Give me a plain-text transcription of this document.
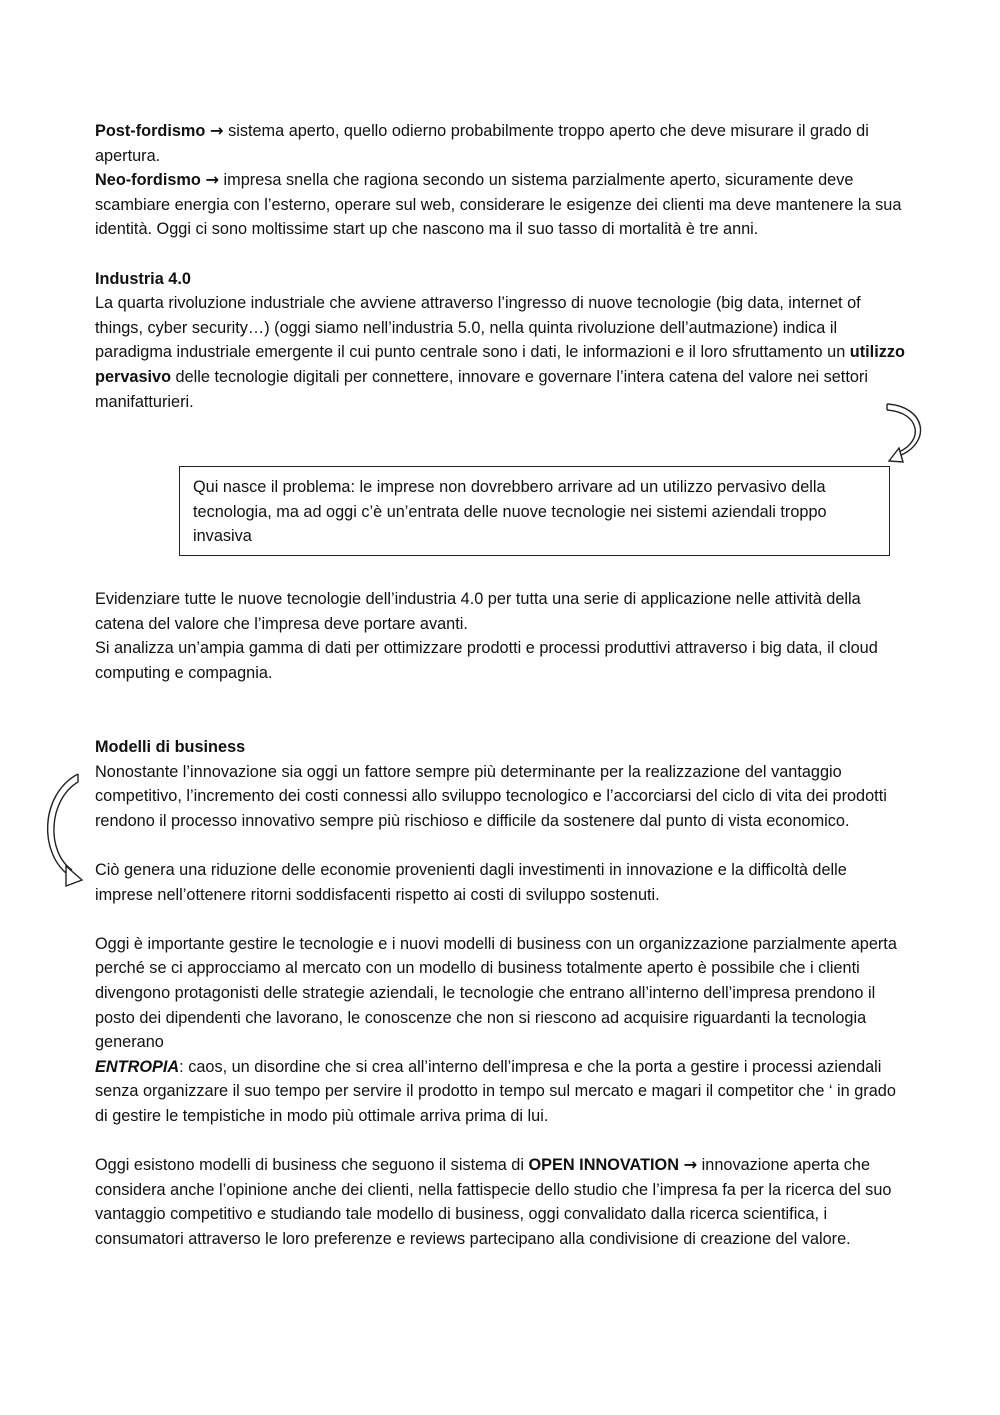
Post-fordismo → sistema aperto, quello odierno probabilmente troppo aperto che deve misurare il grado di apertura.

Neo-fordismo → impresa snella che ragiona secondo un sistema parzialmente aperto, sicuramente deve scambiare energia con l’esterno, operare sul web, considerare le esigenze dei clienti ma deve mantenere la sua identità. Oggi ci sono moltissime start up che nascono ma il suo tasso di mortalità è tre anni.

Industria 4.0

La quarta rivoluzione industriale che avviene attraverso l’ingresso di nuove tecnologie (big data, internet of things, cyber security…) (oggi siamo nell’industria 5.0, nella quinta rivoluzione dell’autmazione) indica il paradigma industriale emergente il cui punto centrale sono i dati, le informazioni e il loro sfruttamento un utilizzo pervasivo delle tecnologie digitali per connettere, innovare e governare l’intera catena del valore nei settori manifatturieri.

Qui nasce il problema: le imprese non dovrebbero arrivare ad un utilizzo pervasivo della tecnologia, ma ad oggi c’è un’entrata delle nuove tecnologie nei sistemi aziendali troppo invasiva

Evidenziare tutte le nuove tecnologie dell’industria 4.0 per tutta una serie di applicazione nelle attività della catena del valore che l’impresa deve portare avanti.

Si analizza un’ampia gamma di dati per ottimizzare prodotti e processi produttivi attraverso i big data, il cloud computing e compagnia.

Modelli di business

Nonostante l’innovazione sia oggi un fattore sempre più determinante per la realizzazione del vantaggio competitivo, l’incremento dei costi connessi allo sviluppo tecnologico e l’accorciarsi del ciclo di vita dei prodotti rendono il processo innovativo sempre più rischioso e difficile da sostenere dal punto di vista economico.

Ciò genera una riduzione delle economie provenienti dagli investimenti in innovazione e la difficoltà delle imprese nell’ottenere ritorni soddisfacenti rispetto ai costi di sviluppo sostenuti.

Oggi è importante gestire le tecnologie e i nuovi modelli di business con un organizzazione parzialmente aperta perché se ci approcciamo al mercato con un modello di business totalmente aperto è possibile che i clienti divengono protagonisti delle strategie aziendali, le tecnologie che entrano all’interno dell’impresa prendono il posto dei dipendenti che lavorano, le conoscenze che non si riescono ad acquisire riguardanti la tecnologia generano

ENTROPIA: caos, un disordine che si crea all’interno dell’impresa e che la porta a gestire i processi aziendali senza organizzare il suo tempo per servire il prodotto in tempo sul mercato e magari il competitor che ‘ in grado di gestire le tempistiche in modo più ottimale arriva prima di lui.

Oggi esistono modelli di business che seguono il sistema di OPEN INNOVATION → innovazione aperta che considera anche l’opinione anche dei clienti, nella fattispecie dello studio che l’impresa fa per la ricerca del suo vantaggio competitivo e studiando tale modello di business, oggi convalidato dalla ricerca scientifica, i consumatori attraverso le loro preferenze e reviews partecipano alla condivisione di creazione del valore.
